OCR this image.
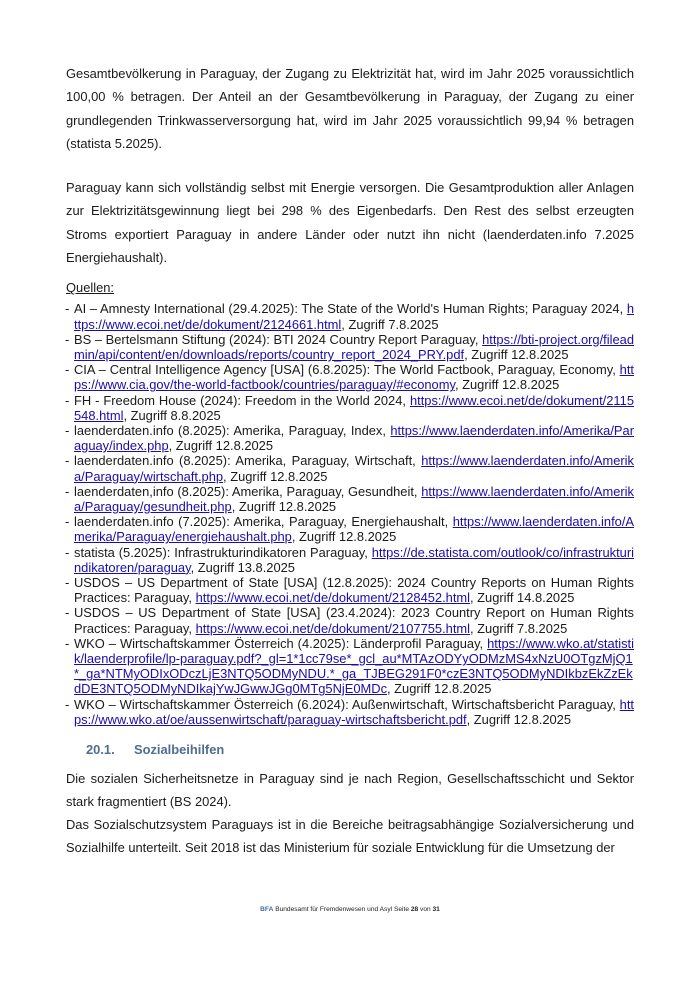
Gesamtbevölkerung in Paraguay, der Zugang zu Elektrizität hat, wird im Jahr 2025 voraussichtlich 100,00 % betragen. Der Anteil an der Gesamtbevölkerung in Paraguay, der Zugang zu einer grundlegenden Trinkwasserversorgung hat, wird im Jahr 2025 voraussichtlich 99,94 % betragen (statista 5.2025).

Paraguay kann sich vollständig selbst mit Energie versorgen. Die Gesamtproduktion aller Anlagen zur Elektrizitätsgewinnung liegt bei 298 % des Eigenbedarfs. Den Rest des selbst erzeugten Stroms exportiert Paraguay in andere Länder oder nutzt ihn nicht (laenderdaten.info 7.2025 Energiehaushalt).

Quellen:
- AI – Amnesty International (29.4.2025): The State of the World's Human Rights; Paraguay 2024, https://www.ecoi.net/de/dokument/2124661.html, Zugriff 7.8.2025
- BS – Bertelsmann Stiftung (2024): BTI 2024 Country Report Paraguay, https://bti-project.org/fileadmin/api/content/en/downloads/reports/country_report_2024_PRY.pdf, Zugriff 12.8.2025
- CIA – Central Intelligence Agency [USA] (6.8.2025): The World Factbook, Paraguay, Economy, https://www.cia.gov/the-world-factbook/countries/paraguay/#economy, Zugriff 12.8.2025
- FH - Freedom House (2024): Freedom in the World 2024, https://www.ecoi.net/de/dokument/2115548.html, Zugriff 8.8.2025
- laenderdaten.info (8.2025): Amerika, Paraguay, Index, https://www.laenderdaten.info/Amerika/Paraguay/index.php, Zugriff 12.8.2025
- laenderdaten.info (8.2025): Amerika, Paraguay, Wirtschaft, https://www.laenderdaten.info/Amerika/Paraguay/wirtschaft.php, Zugriff 12.8.2025
- laenderdaten,info (8.2025): Amerika, Paraguay, Gesundheit, https://www.laenderdaten.info/Amerika/Paraguay/gesundheit.php, Zugriff 12.8.2025
- laenderdaten.info (7.2025): Amerika, Paraguay, Energiehaushalt, https://www.laenderdaten.info/Amerika/Paraguay/energiehaushalt.php, Zugriff 12.8.2025
- statista (5.2025): Infrastrukturindikatoren Paraguay, https://de.statista.com/outlook/co/infrastrukturindikatoren/paraguay, Zugriff 13.8.2025
- USDOS – US Department of State [USA] (12.8.2025): 2024 Country Reports on Human Rights Practices: Paraguay, https://www.ecoi.net/de/dokument/2128452.html, Zugriff 14.8.2025
- USDOS – US Department of State [USA] (23.4.2024): 2023 Country Report on Human Rights Practices: Paraguay, https://www.ecoi.net/de/dokument/2107755.html, Zugriff 7.8.2025
- WKO – Wirtschaftskammer Österreich (4.2025): Länderprofil Paraguay, https://www.wko.at/statistik/laenderprofile/lp-paraguay.pdf?_gl=1*1cc79se*_gcl_au*MTAzODYyODMzMS4xNzU0OTgzMjQ1*_ga*NTMyODIxODczLjE3NTQ5ODMyNDU.*_ga_TJBEG291F0*czE3NTQ5ODMyNDIkbzEkZzEkdDE3NTQ5ODMyNDIkajYwJGwwJGg0MTg5NjE0MDc, Zugriff 12.8.2025
- WKO – Wirtschaftskammer Österreich (6.2024): Außenwirtschaft, Wirtschaftsbericht Paraguay, https://www.wko.at/oe/aussenwirtschaft/paraguay-wirtschaftsbericht.pdf, Zugriff 12.8.2025
20.1. Sozialbeihilfen

Die sozialen Sicherheitsnetze in Paraguay sind je nach Region, Gesellschaftsschicht und Sektor stark fragmentiert (BS 2024).

Das Sozialschutzsystem Paraguays ist in die Bereiche beitragsabhängige Sozialversicherung und Sozialhilfe unterteilt. Seit 2018 ist das Ministerium für soziale Entwicklung für die Umsetzung der

BFA Bundesamt für Fremdenwesen und Asyl Seite 28 von 31
